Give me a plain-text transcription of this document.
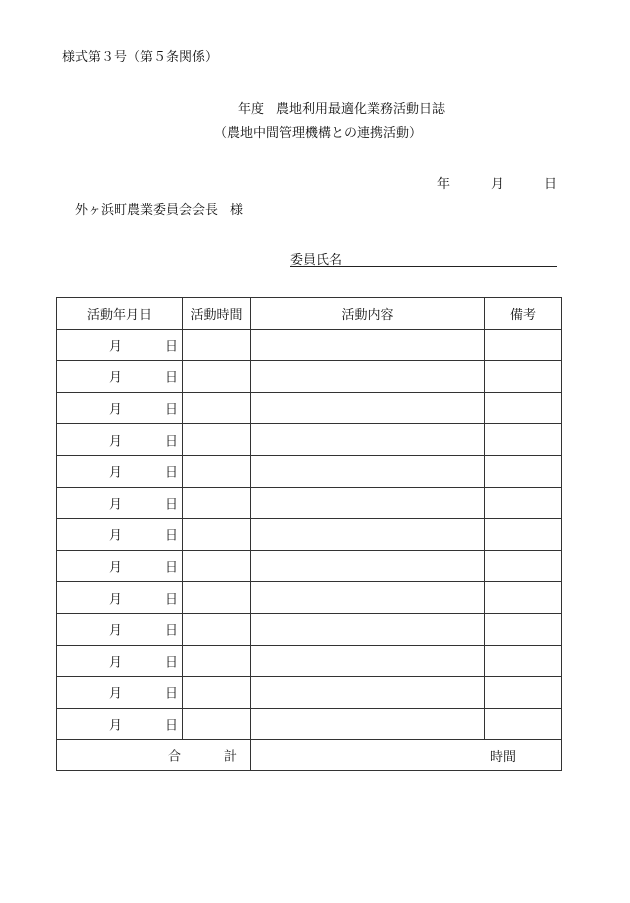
様式第３号（第５条関係）
年度 農地利用最適化業務活動日誌
（農地中間管理機構との連携活動）
年	月	日
外ヶ浜町農業委員会会長 様
委員氏名
活動年月日	活動時間	活動内容	備考

月 日			

月 日			

月 日			

月 日			

月 日			

月 日			

月 日			

月 日			

月 日			

月 日			

月 日			

月 日			

月 日			

合 計		時間	
